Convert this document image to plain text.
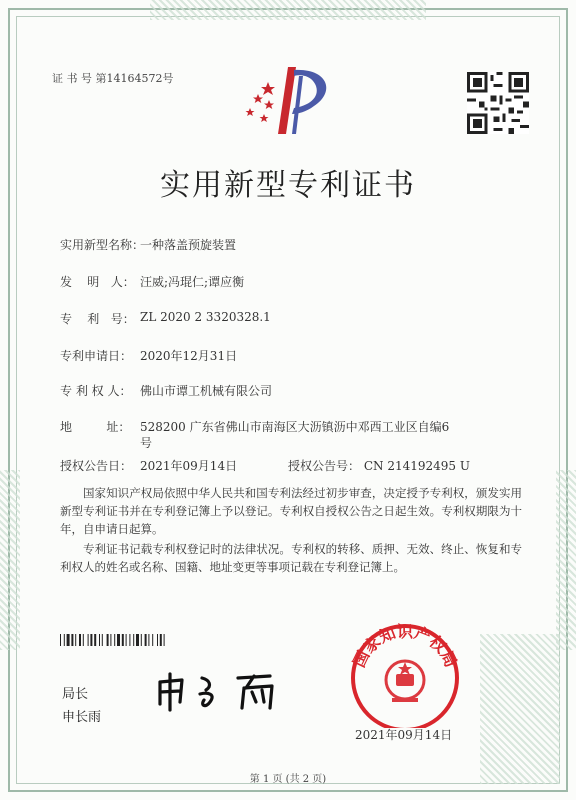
证 书 号 第14164572号
实用新型专利证书
实用新型名称：
一种落盖预旋装置
发    明   人： 汪威;冯琨仁;谭应衡
专    利   号： ZL 2020 2 3320328.1
专利申请日： 2020年12月31日
专 利 权 人： 佛山市谭工机械有限公司
地         址： 528200 广东省佛山市南海区大沥镇沥中邓西工业区自编6
号
授权公告日： 2021年09月14日	授权公告号： CN 214192495 U
国家知识产权局依照中华人民共和国专利法经过初步审查，决定授予专利权，颁发实用新型专利证书并在专利登记簿上予以登记。专利权自授权公告之日起生效。专利权期限为十年，自申请日起算。
专利证书记载专利权登记时的法律状况。专利权的转移、质押、无效、终止、恢复和专利权人的姓名或名称、国籍、地址变更等事项记载在专利登记簿上。
局长
申长雨
国家知识产权局
2021年09月14日
第 1 页 (共 2 页)
